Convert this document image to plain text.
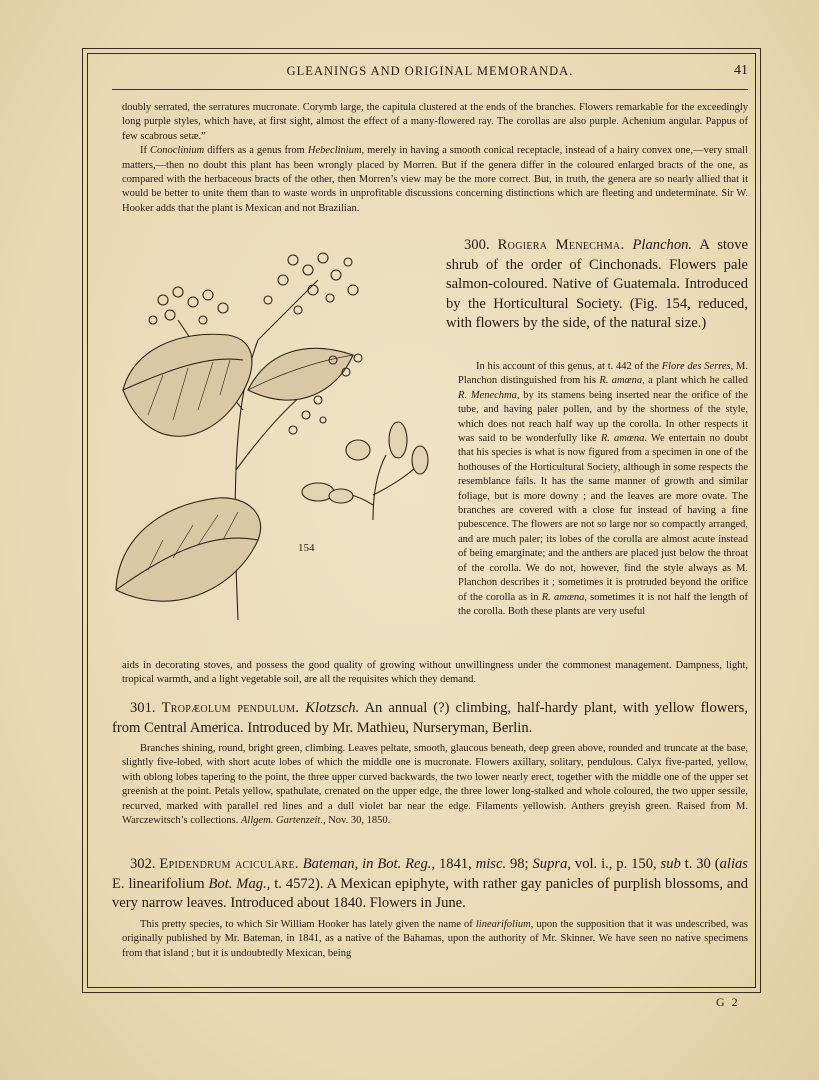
GLEANINGS AND ORIGINAL MEMORANDA.	41

doubly serrated, the serratures mucronate. Corymb large, the capitula clustered at the ends of the branches. Flowers remarkable for the exceedingly long purple styles, which have, at first sight, almost the effect of a many-flowered ray. The corollas are also purple. Achenium angular. Pappus of few scabrous setæ.”

If Conoclinium differs as a genus from Hebeclinium, merely in having a smooth conical receptacle, instead of a hairy convex one,—very small matters,—then no doubt this plant has been wrongly placed by Morren. But if the genera differ in the coloured enlarged bracts of the one, as compared with the herbaceous bracts of the other, then Morren’s view may be the more correct. But, in truth, the genera are so nearly allied that it would be better to unite them than to waste words in unprofitable discussions concerning distinctions which are fleeting and undeterminate. Sir W. Hooker adds that the plant is Mexican and not Brazilian.

300. Rogiera Menechma. Planchon. A stove shrub of the order of Cinchonads. Flowers pale salmon-coloured. Native of Guatemala. Introduced by the Horticultural Society. (Fig. 154, reduced, with flowers by the side, of the natural size.)

154

In his account of this genus, at t. 442 of the Flore des Serres, M. Planchon distinguished from his R. amœna, a plant which he called R. Menechma, by its stamens being inserted near the orifice of the tube, and having paler pollen, and by the shortness of the style, which does not reach half way up the corolla. In other respects it was said to be wonderfully like R. amœna. We entertain no doubt that his species is what is now figured from a specimen in one of the hothouses of the Horticultural Society, although in some respects the resemblance fails. It has the same manner of growth and similar foliage, but is more downy ; and the leaves are more ovate. The branches are covered with a close fur instead of having a fine pubescence. The flowers are not so large nor so compactly arranged, and are much paler; its lobes of the corolla are almost acute instead of being emarginate; and the anthers are placed just below the throat of the corolla. We do not, however, find the style always as M. Planchon describes it ; sometimes it is protruded beyond the orifice of the corolla as in R. amœna, sometimes it is not half the length of the corolla. Both these plants are very useful

aids in decorating stoves, and possess the good quality of growing without unwillingness under the commonest management. Dampness, light, tropical warmth, and a light vegetable soil, are all the requisites which they demand.

301. Tropæolum pendulum. Klotzsch. An annual (?) climbing, half-hardy plant, with yellow flowers, from Central America. Introduced by Mr. Mathieu, Nurseryman, Berlin.

Branches shining, round, bright green, climbing. Leaves peltate, smooth, glaucous beneath, deep green above, rounded and truncate at the base, slightly five-lobed, with short acute lobes of which the middle one is mucronate. Flowers axillary, solitary, pendulous. Calyx five-parted, yellow, with oblong lobes tapering to the point, the three upper curved backwards, the two lower nearly erect, together with the middle one of the upper set greenish at the point. Petals yellow, spathulate, crenated on the upper edge, the three lower long-stalked and whole coloured, the two upper sessile, recurved, marked with parallel red lines and a dull violet bar near the edge. Filaments yellowish. Anthers greyish green. Raised from M. Warczewitsch’s collections. Allgem. Gartenzeit., Nov. 30, 1850.

302. Epidendrum aciculare. Bateman, in Bot. Reg., 1841, misc. 98; Supra, vol. i., p. 150, sub t. 30 (alias E. linearifolium Bot. Mag., t. 4572). A Mexican epiphyte, with rather gay panicles of purplish blossoms, and very narrow leaves. Introduced about 1840. Flowers in June.

This pretty species, to which Sir William Hooker has lately given the name of linearifolium, upon the supposition that it was undescribed, was originally published by Mr. Bateman, in 1841, as a native of the Bahamas, upon the authority of Mr. Skinner. We have seen no native specimens from that island ; but it is undoubtedly Mexican, being

G 2
